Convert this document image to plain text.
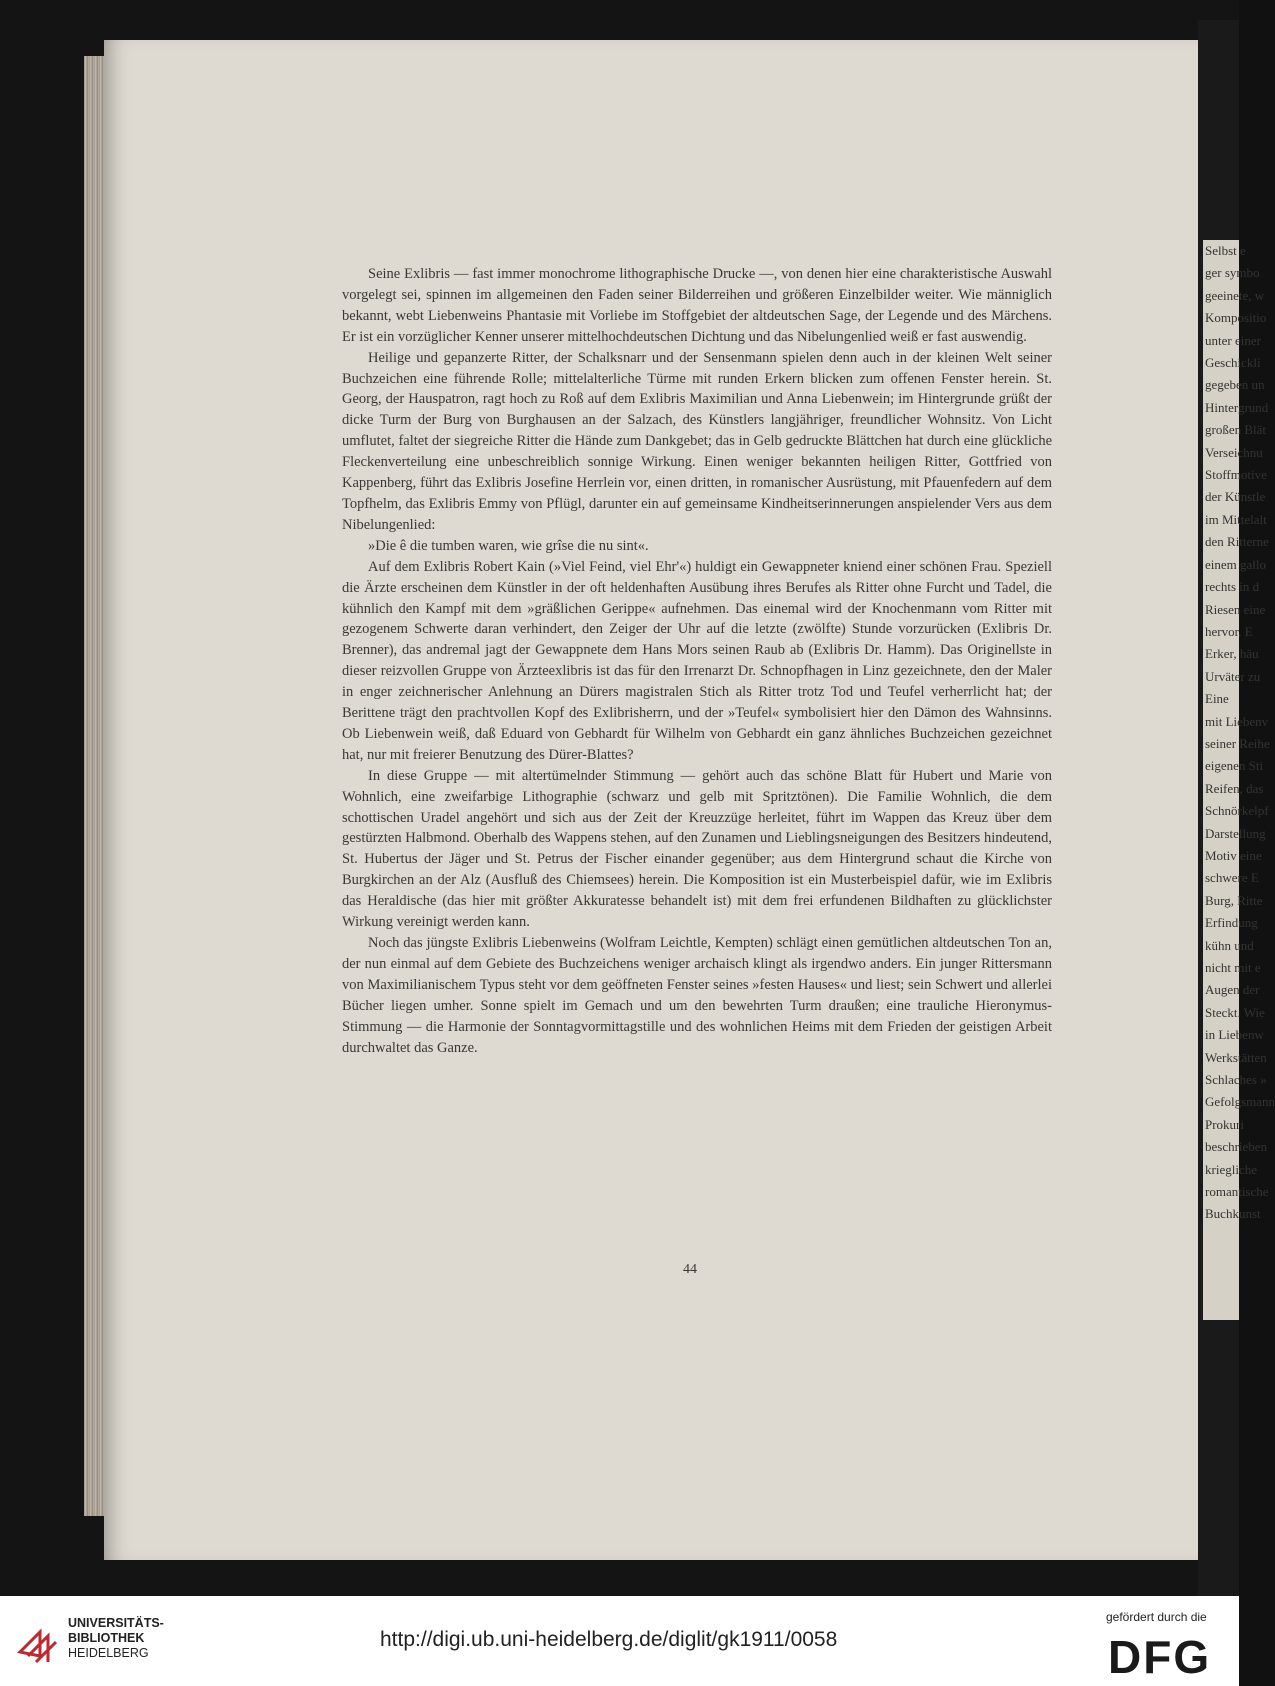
Selbst e
ger symbo
geeinete, w
Kompositio
unter einer
Geschickli
gegeben un
Hintergrund
großen Blät
Verseichnu
Stoffmotive
der Künstle
im Mittelalt
den Ritterne
einem gallo
rechts in d
Riesen eine
hervor. E
Erker, häu
Urväter zu
Eine
mit Liebenv
seiner Reihe
eigenen Sti
Reifen, das
Schnörkelpf
Darstellung
Motiv eine
schwere E
Burg, Ritte
Erfindung
kühn und
nicht mit e
Augen der
Steckt. Wie
in Liebenw
Werkstätten
Schlaches »
Gefolgsmann
Prokuri
beschrieben
kriegliche
romantische
Buchkunst

Seine Exlibris — fast immer monochrome lithographische Drucke —, von denen hier eine charakteristische Auswahl vorgelegt sei, spinnen im allgemeinen den Faden seiner Bilderreihen und größeren Einzelbilder weiter. Wie männiglich bekannt, webt Liebenweins Phantasie mit Vorliebe im Stoffgebiet der altdeutschen Sage, der Legende und des Märchens. Er ist ein vorzüglicher Kenner unserer mittelhochdeutschen Dichtung und das Nibelungenlied weiß er fast auswendig.

Heilige und gepanzerte Ritter, der Schalksnarr und der Sensenmann spielen denn auch in der kleinen Welt seiner Buchzeichen eine führende Rolle; mittelalterliche Türme mit runden Erkern blicken zum offenen Fenster herein. St. Georg, der Hauspatron, ragt hoch zu Roß auf dem Exlibris Maximilian und Anna Liebenwein; im Hintergrunde grüßt der dicke Turm der Burg von Burghausen an der Salzach, des Künstlers langjähriger, freundlicher Wohnsitz. Von Licht umflutet, faltet der siegreiche Ritter die Hände zum Dankgebet; das in Gelb gedruckte Blättchen hat durch eine glückliche Fleckenverteilung eine unbeschreiblich sonnige Wirkung. Einen weniger bekannten heiligen Ritter, Gottfried von Kappenberg, führt das Exlibris Josefine Herrlein vor, einen dritten, in romanischer Ausrüstung, mit Pfauenfedern auf dem Topfhelm, das Exlibris Emmy von Pflügl, darunter ein auf gemeinsame Kindheitserinnerungen anspielender Vers aus dem Nibelungenlied:

»Die ê die tumben waren, wie grîse die nu sint«.

Auf dem Exlibris Robert Kain (»Viel Feind, viel Ehr'«) huldigt ein Gewappneter kniend einer schönen Frau. Speziell die Ärzte erscheinen dem Künstler in der oft heldenhaften Ausübung ihres Berufes als Ritter ohne Furcht und Tadel, die kühnlich den Kampf mit dem »gräßlichen Gerippe« aufnehmen. Das einemal wird der Knochenmann vom Ritter mit gezogenem Schwerte daran verhindert, den Zeiger der Uhr auf die letzte (zwölfte) Stunde vorzurücken (Exlibris Dr. Brenner), das andremal jagt der Gewappnete dem Hans Mors seinen Raub ab (Exlibris Dr. Hamm). Das Originellste in dieser reizvollen Gruppe von Ärzteexlibris ist das für den Irrenarzt Dr. Schnopfhagen in Linz gezeichnete, den der Maler in enger zeichnerischer Anlehnung an Dürers magistralen Stich als Ritter trotz Tod und Teufel verherrlicht hat; der Berittene trägt den prachtvollen Kopf des Exlibrisherrn, und der »Teufel« symbolisiert hier den Dämon des Wahnsinns. Ob Liebenwein weiß, daß Eduard von Gebhardt für Wilhelm von Gebhardt ein ganz ähnliches Buchzeichen gezeichnet hat, nur mit freierer Benutzung des Dürer-Blattes?

In diese Gruppe — mit altertümelnder Stimmung — gehört auch das schöne Blatt für Hubert und Marie von Wohnlich, eine zweifarbige Lithographie (schwarz und gelb mit Spritztönen). Die Familie Wohnlich, die dem schottischen Uradel angehört und sich aus der Zeit der Kreuzzüge herleitet, führt im Wappen das Kreuz über dem gestürzten Halbmond. Oberhalb des Wappens stehen, auf den Zunamen und Lieblingsneigungen des Besitzers hindeutend, St. Hubertus der Jäger und St. Petrus der Fischer einander gegenüber; aus dem Hintergrund schaut die Kirche von Burgkirchen an der Alz (Ausfluß des Chiemsees) herein. Die Komposition ist ein Musterbeispiel dafür, wie im Exlibris das Heraldische (das hier mit größter Akkuratesse behandelt ist) mit dem frei erfundenen Bildhaften zu glücklichster Wirkung vereinigt werden kann.

Noch das jüngste Exlibris Liebenweins (Wolfram Leichtle, Kempten) schlägt einen gemütlichen altdeutschen Ton an, der nun einmal auf dem Gebiete des Buchzeichens weniger archaisch klingt als irgendwo anders. Ein junger Rittersmann von Maximilianischem Typus steht vor dem geöffneten Fenster seines »festen Hauses« und liest; sein Schwert und allerlei Bücher liegen umher. Sonne spielt im Gemach und um den bewehrten Turm draußen; eine trauliche Hieronymus-Stimmung — die Harmonie der Sonntagvormittagstille und des wohnlichen Heims mit dem Frieden der geistigen Arbeit durchwaltet das Ganze.

44
UNIVERSITÄTS-
BIBLIOTHEK
HEIDELBERG
http://digi.ub.uni-heidelberg.de/diglit/gk1911/0058
gefördert durch die
DFG
